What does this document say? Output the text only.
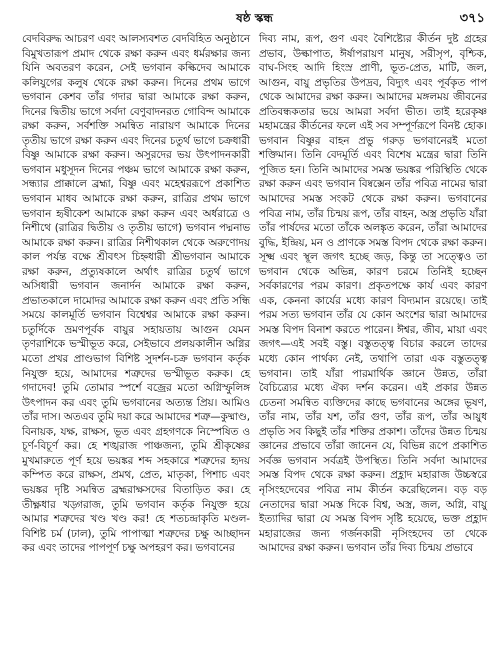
ষষ্ঠ স্কন্ধ	৩৭১

বেদবিরুদ্ধ আচরণ এবং আলস্যবশত বেদবিহিত অনুষ্ঠানে বিমুখতারূপ প্রমাদ থেকে রক্ষা করুন এবং ধর্মরক্ষার জন্য যিনি অবতরণ করেন, সেই ভগবান কল্কিদেব আমাকে কলিযুগের কলুষ থেকে রক্ষা করুন। দিনের প্রথম ভাগে ভগবান কেশব তাঁর গদার দ্বারা আমাকে রক্ষা করুন, দিনের দ্বিতীয় ভাগে সর্বদা বেণুবাদনরত গোবিন্দ আমাকে রক্ষা করুন, সর্বশক্তি সমন্বিত নারায়ণ আমাকে দিনের তৃতীয় ভাগে রক্ষা করুন এবং দিনের চতুর্থ ভাগে চক্রধারী বিষ্ণু আমাকে রক্ষা করুন। অসুরদের ভয় উৎপাদনকারী ভগবান মধুসূদন দিনের পঞ্চম ভাগে আমাকে রক্ষা করুন, সন্ধ্যার প্রাক্কালে ব্রহ্মা, বিষ্ণু এবং মহেশ্বররূপে প্রকাশিত ভগবান মাধব আমাকে রক্ষা করুন, রাত্রির প্রথম ভাগে ভগবান হৃষীকেশ আমাকে রক্ষা করুন এবং অর্ধরাত্রে ও নিশীথে (রাত্রির দ্বিতীয় ও তৃতীয় ভাগে) ভগবান পদ্মনাভ আমাকে রক্ষা করুন। রাত্রির নিশীথকাল থেকে অরুণোদয় কাল পর্যন্ত বক্ষে শ্রীবৎস চিহ্নধারী শ্রীভগবান আমাকে রক্ষা করুন, প্রত্যুষকালে অর্থাৎ রাত্রির চতুর্থ ভাগে অসিধারী ভগবান জনার্দন আমাকে রক্ষা করুন, প্রভাতকালে দামোদর আমাকে রক্ষা করুন এবং প্রতি সন্ধি সময়ে কালমূর্তি ভগবান বিশ্বেশ্বর আমাকে রক্ষা করুন। চতুর্দিকে ভ্রমণপূর্বক বায়ুর সহায়তায় আগুন যেমন তৃণরাশিকে ভস্মীভূত করে, সেইভাবে প্রলয়কালীন অগ্নির মতো প্রখর প্রাণ্ডভাগ বিশিষ্ট সুদর্শন-চক্র ভগবান কর্তৃক নিযুক্ত হয়ে, আমাদের শত্রুদের ভস্মীভূত করুক। হে গদাদেব! তুমি তোমার স্পর্শে বজ্রের মতো অগ্নিস্ফুলিঙ্গ উৎপাদন কর এবং তুমি ভগবানের অত্যন্ত প্রিয়। আমিও তাঁর দাস। অতএব তুমি দয়া করে আমাদের শত্রু—কুষ্মাণ্ড, বিনায়ক, যক্ষ, রাক্ষস, ভূত এবং গ্রহগণকে নিস্পেষিত ও চূর্ণ-বিচূর্ণ কর। হে শঙ্খরাজ পাঞ্চজন্য, তুমি শ্রীকৃষ্ণের মুখমারুতে পূর্ণ হয়ে ভয়ঙ্কর শব্দ সহকারে শত্রুদের হৃদয় কম্পিত করে রাক্ষস, প্রমথ, প্রেত, মাতৃকা, পিশাচ এবং ভয়ঙ্কর দৃষ্টি সমন্বিত ব্রহ্মরাক্ষসদের বিতাড়িত কর। হে তীক্ষ্ণধার খড়্গরাজ, তুমি ভগবান কর্তৃক নিযুক্ত হয়ে আমার শত্রুদের খণ্ড খণ্ড কর! হে শতচন্দ্রাকৃতি মণ্ডল-বিশিষ্ট চর্ম (ঢাল), তুমি পাপাত্মা শত্রুদের চক্ষু আচ্ছাদন কর এবং তাদের পাপপূর্ণ চক্ষু অপহরণ কর। ভগবানের

দিব্য নাম, রূপ, গুণ এবং বৈশিষ্ট্যের কীর্তন দুষ্ট গ্রহের প্রভাব, উল্কাপাত, ঈর্ষাপরায়ণ মানুষ, সরীসৃপ, বৃশ্চিক, বাঘ-সিংহ আদি হিংস্র প্রাণী, ভূত-প্রেত, মাটি, জল, আগুন, বায়ু প্রভৃতির উপদ্রব, বিদ্যুৎ এবং পূর্বকৃত পাপ থেকে আমাদের রক্ষা করুন। আমাদের মঙ্গলময় জীবনের প্রতিবন্ধকতার ভয়ে আমরা সর্বদা ভীত। তাই হরেকৃষ্ণ মহামন্ত্রের কীর্তনের ফলে এই সব সম্পূর্ণরূপে বিনষ্ট হোক। ভগবান বিষ্ণুর বাহন প্রভু গরুড় ভগবানেরই মতো শক্তিমান। তিনি বেদমূর্তি এবং বিশেষ মন্ত্রের দ্বারা তিনি পূজিত হন। তিনি আমাদের সমস্ত ভয়ঙ্কর পরিস্থিতি থেকে রক্ষা করুন এবং ভগবান বিষ্বক্সেন তাঁর পবিত্র নামের দ্বারা আমাদের সমস্ত সংকট থেকে রক্ষা করুন। ভগবানের পবিত্র নাম, তাঁর চিন্ময় রূপ, তাঁর বাহন, অস্ত্র প্রভৃতি যাঁরা তাঁর পার্ষদের মতো তাঁকে অলঙ্কৃত করেন, তাঁরা আমাদের বুদ্ধি, ইন্দ্রিয়, মন ও প্রাণকে সমস্ত বিপদ থেকে রক্ষা করুন। সূক্ষ্ম এবং স্থূল জগৎ হচ্ছে জড়, কিন্তু তা সত্ত্বেও তা ভগবান থেকে অভিন্ন, কারণ চরমে তিনিই হচ্ছেন সর্বকারণের পরম কারণ। প্রকৃতপক্ষে কার্য এবং কারণ এক, কেননা কার্যের মধ্যে কারণ বিদ্যমান রয়েছে। তাই পরম সত্য ভগবান তাঁর যে কোন অংশের দ্বারা আমাদের সমস্ত বিপদ বিনাশ করতে পারেন। ঈশ্বর, জীব, মায়া এবং জগৎ—এই সবই বস্তু। বস্তুতত্ত্ব বিচার করলে তাদের মধ্যে কোন পার্থক্য নেই, তথাপি তারা এক বস্তুতত্ত্ব ভগবান। তাই যাঁরা পারমার্থিক জ্ঞানে উন্নত, তাঁরা বৈচিত্র্যের মধ্যে ঐক্য দর্শন করেন। এই প্রকার উন্নত চেতনা সমন্বিত ব্যক্তিদের কাছে ভগবানের অঙ্গের ভূষণ, তাঁর নাম, তাঁর যশ, তাঁর গুণ, তাঁর রূপ, তাঁর আয়ুধ প্রভৃতি সব কিছুই তাঁর শক্তির প্রকাশ। তাঁদের উন্নত চিন্ময় জ্ঞানের প্রভাবে তাঁরা জানেন যে, বিভিন্ন রূপে প্রকাশিত সর্বজ্ঞ ভগবান সর্বত্রই উপস্থিত। তিনি সর্বদা আমাদের সমস্ত বিপদ থেকে রক্ষা করুন। প্রহ্লাদ মহারাজ উচ্চস্বরে নৃসিংহদেবের পবিত্র নাম কীর্তন করেছিলেন। বড় বড় নেতাদের দ্বারা সমস্ত দিকে বিশ্ব, অস্ত্র, জল, অগ্নি, বায়ু ইত্যাদির দ্বারা যে সমস্ত বিপদ সৃষ্টি হয়েছে, ভক্ত প্রহ্লাদ মহারাজের জন্য গর্জনকারী নৃসিংহদেব তা থেকে আমাদের রক্ষা করুন। ভগবান তাঁর দিব্য চিন্ময় প্রভাবে
